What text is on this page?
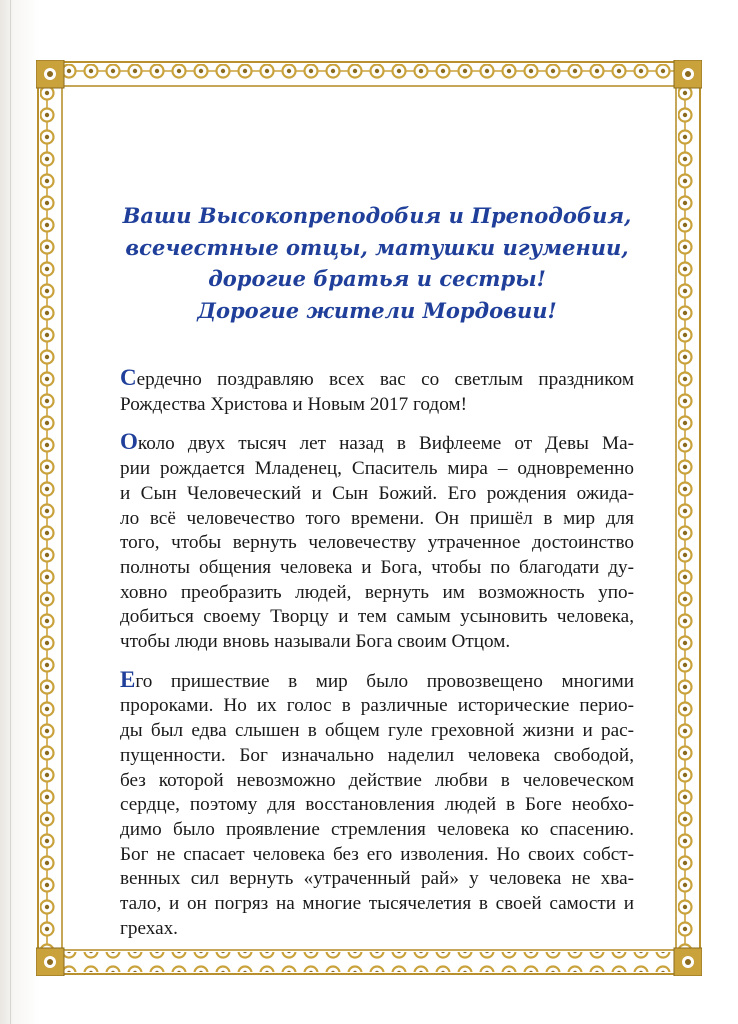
Ваши Высокопреподобия и Преподобия,
всечестные отцы, матушки игумении,
дорогие братья и сестры!
Дорогие жители Мордовии!

Сердечно поздравляю всех вас со светлым праздником
Рождества Христова и Новым 2017 годом!

Около двух тысяч лет назад в Вифлееме от Девы Ма-
рии рождается Младенец, Спаситель мира – одновременно
и Сын Человеческий и Сын Божий. Его рождения ожида-
ло всё человечество того времени. Он пришёл в мир для
того, чтобы вернуть человечеству утраченное достоинство
полноты общения человека и Бога, чтобы по благодати ду-
ховно преобразить людей, вернуть им возможность упо-
добиться своему Творцу и тем самым усыновить человека,
чтобы люди вновь называли Бога своим Отцом.

Его пришествие в мир было провозвещено многими
пророками. Но их голос в различные исторические перио-
ды был едва слышен в общем гуле греховной жизни и рас-
пущенности. Бог изначально наделил человека свободой,
без которой невозможно действие любви в человеческом
сердце, поэтому для восстановления людей в Боге необхо-
димо было проявление стремления человека ко спасению.
Бог не спасает человека без его изволения. Но своих собст-
венных сил вернуть «утраченный рай» у человека не хва-
тало, и он погряз на многие тысячелетия в своей самости и
грехах.
